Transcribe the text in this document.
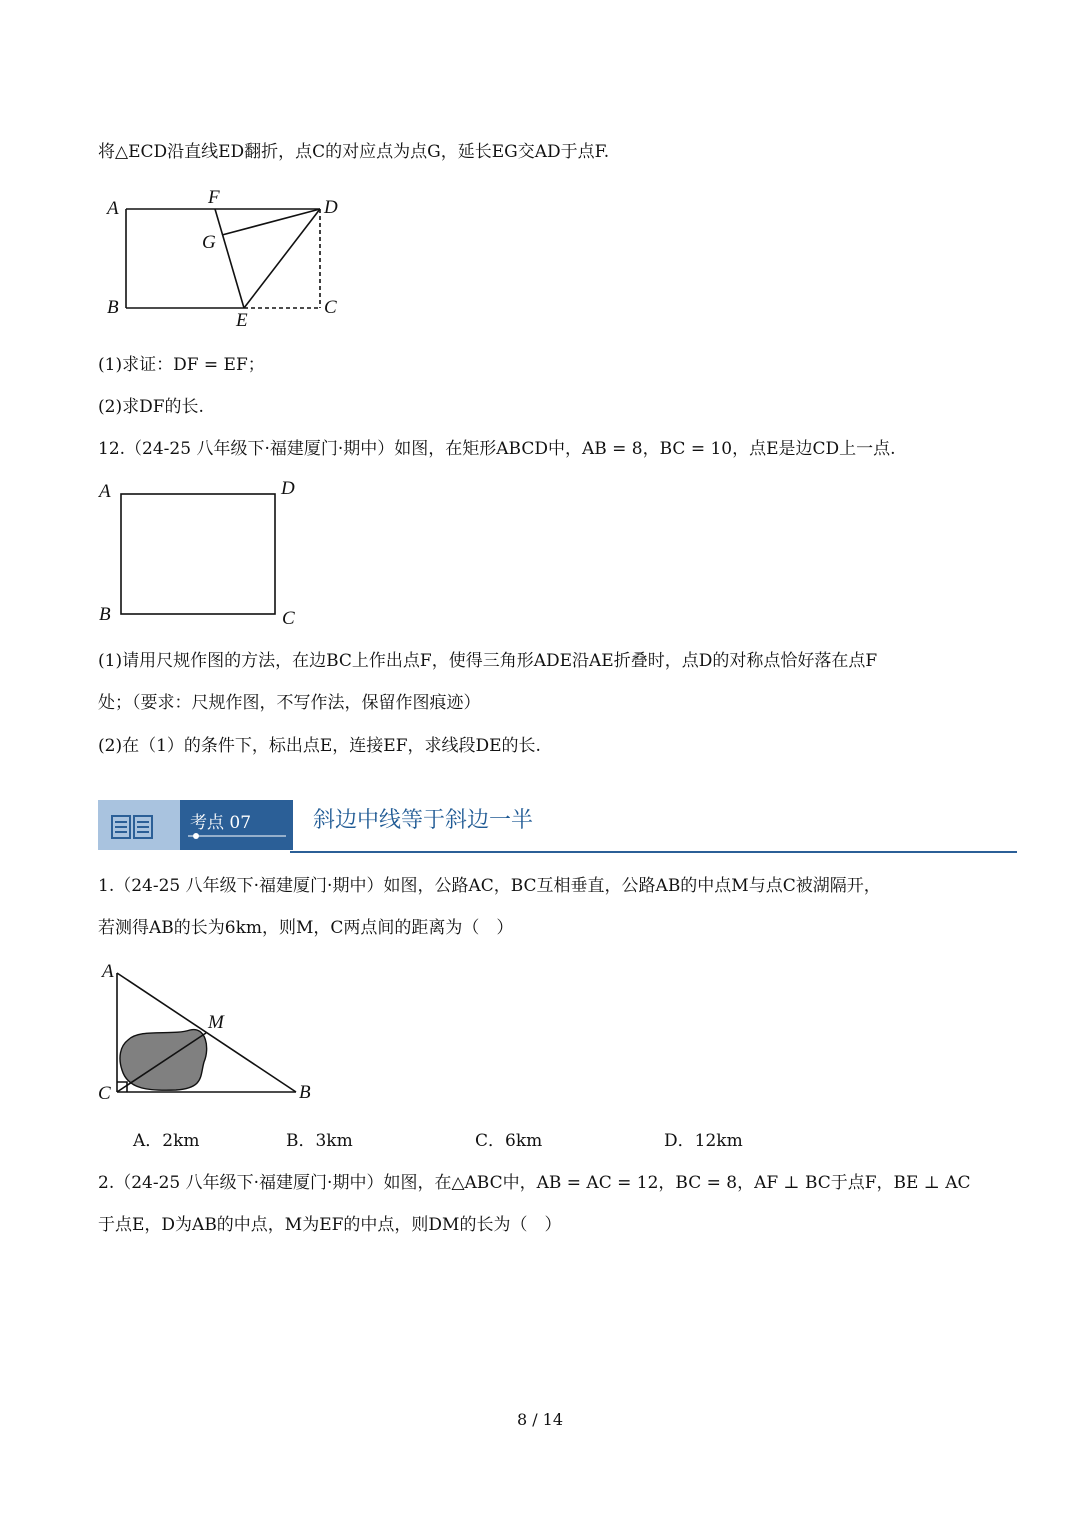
将△ECD沿直线ED翻折，点C的对应点为点G，延长EG交AD于点F.
A
F	D
G
B
E
C
(1)求证：DF = EF；
(2)求DF的长.
12.（24-25 八年级下·福建厦门·期中）如图，在矩形ABCD中，AB = 8，BC = 10，点E是边CD上一点.
A	D
B	C
(1)请用尺规作图的方法，在边BC上作出点F，使得三角形ADE沿AE折叠时，点D的对称点恰好落在点F
处；（要求：尺规作图，不写作法，保留作图痕迹）
(2)在（1）的条件下，标出点E，连接EF，求线段DE的长.
考点 07	斜边中线等于斜边一半
1.（24-25 八年级下·福建厦门·期中）如图，公路AC，BC互相垂直，公路AB的中点M与点C被湖隔开，
若测得AB的长为6km，则M，C两点间的距离为（　）
A
M
C	B
A．2km	B．3km	C．6km	D．12km
2.（24-25 八年级下·福建厦门·期中）如图，在△ABC中，AB = AC = 12，BC = 8，AF ⊥ BC于点F，BE ⊥ AC
于点E，D为AB的中点，M为EF的中点，则DM的长为（　）
8 / 14
